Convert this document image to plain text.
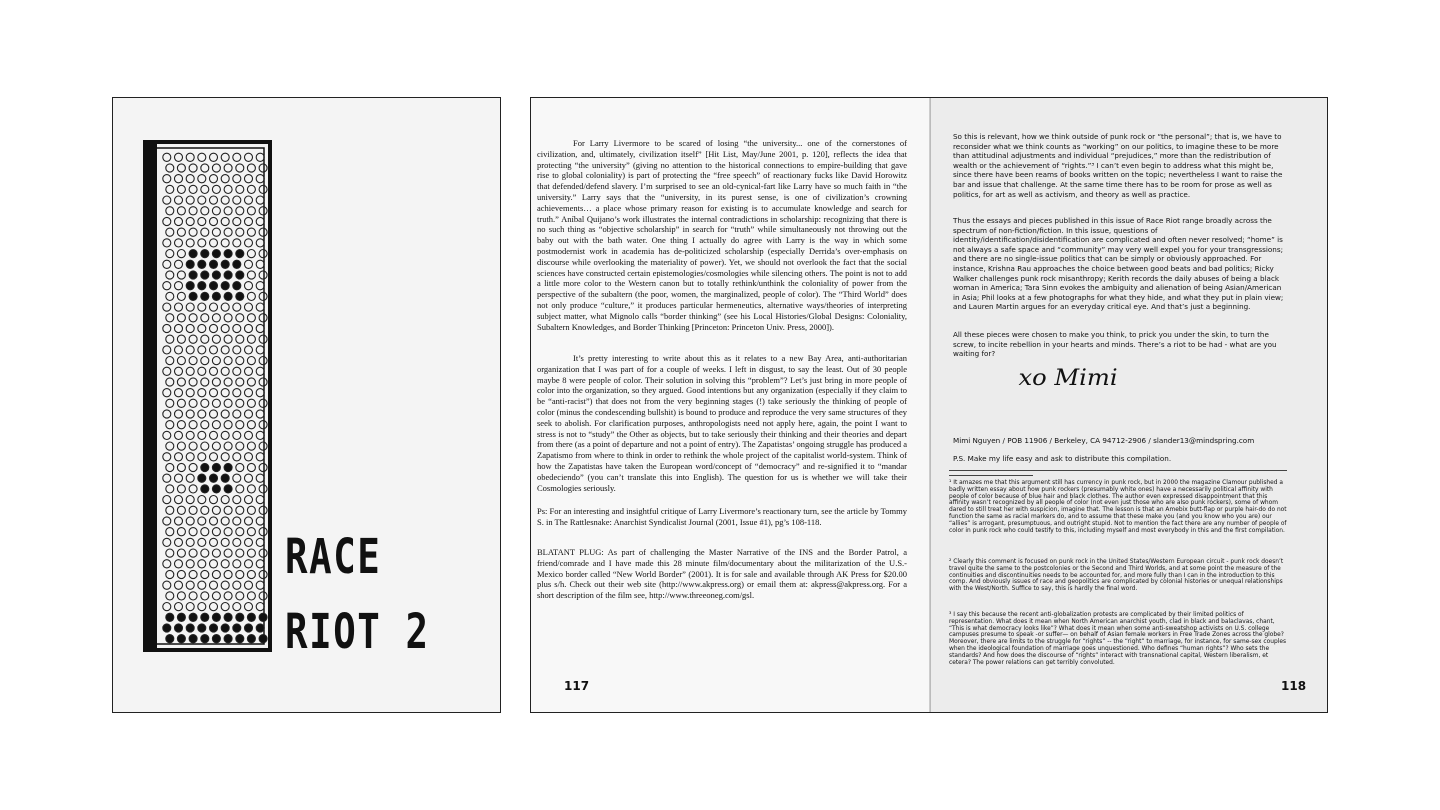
RACE
RIOT 2

For Larry Livermore to be scared of losing “the university... one of the cornerstones of civilization, and, ultimately, civilization itself” [Hit List, May/June 2001, p. 120], reflects the idea that protecting “the university” (giving no attention to the historical connections to empire-building that gave rise to global coloniality) is part of protecting the “free speech” of reactionary fucks like David Horowitz that defended/defend slavery. I’m surprised to see an old-cynical-fart like Larry have so much faith in “the university.” Larry says that the “university, in its purest sense, is one of civilization’s crowning achievements… a place whose primary reason for existing is to accumulate knowledge and search for truth.” Aníbal Quijano’s work illustrates the internal contradictions in scholarship: recognizing that there is no such thing as “objective scholarship” in search for “truth” while simultaneously not throwing out the baby out with the bath water. One thing I actually do agree with Larry is the way in which some postmodernist work in academia has de-politicized scholarship (especially Derrida’s over-emphasis on discourse while overlooking the materiality of power). Yet, we should not overlook the fact that the social sciences have constructed certain epistemologies/cosmologies while silencing others. The point is not to add a little more color to the Western canon but to totally rethink/unthink the coloniality of power from the perspective of the subaltern (the poor, women, the marginalized, people of color). The “Third World” does not only produce “culture,” it produces particular hermeneutics, alternative ways/theories of interpreting subject matter, what Mignolo calls “border thinking” (see his Local Histories/Global Designs: Coloniality, Subaltern Knowledges, and Border Thinking [Princeton: Princeton Univ. Press, 2000]).

It’s pretty interesting to write about this as it relates to a new Bay Area, anti-authoritarian organization that I was part of for a couple of weeks. I left in disgust, to say the least. Out of 30 people maybe 8 were people of color. Their solution in solving this “problem”? Let’s just bring in more people of color into the organization, so they argued. Good intentions but any organization (especially if they claim to be “anti-racist”) that does not from the very beginning stages (!) take seriously the thinking of people of color (minus the condescending bullshit) is bound to produce and reproduce the very same structures of they seek to abolish. For clarification purposes, anthropologists need not apply here, again, the point I want to stress is not to “study” the Other as objects, but to take seriously their thinking and their theories and depart from there (as a point of departure and not a point of entry). The Zapatistas’ ongoing struggle has produced a Zapatismo from where to think in order to rethink the whole project of the capitalist world-system. Think of how the Zapatistas have taken the European word/concept of “democracy” and re-signified it to “mandar obedeciendo” (you can’t translate this into English). The question for us is whether we will take their Cosmologies seriously.

Ps: For an interesting and insightful critique of Larry Livermore’s reactionary turn, see the article by Tommy S. in The Rattlesnake: Anarchist Syndicalist Journal (2001, Issue #1), pg’s 108-118.

BLATANT PLUG: As part of challenging the Master Narrative of the INS and the Border Patrol, a friend/comrade and I have made this 28 minute film/documentary about the militarization of the U.S.-Mexico border called “New World Border” (2001). It is for sale and available through AK Press for $20.00 plus s/h. Check out their web site (http://www.akpress.org) or email them at: akpress@akpress.org. For a short description of the film see, http://www.threeoneg.com/gsl.

117

So this is relevant, how we think outside of punk rock or “the personal”; that is, we have to reconsider what we think counts as “working” on our politics, to imagine these to be more than attitudinal adjustments and individual “prejudices,” more than the redistribution of wealth or the achievement of “rights.”³ I can’t even begin to address what this might be, since there have been reams of books written on the topic; nevertheless I want to raise the bar and issue that challenge. At the same time there has to be room for prose as well as politics, for art as well as activism, and theory as well as practice.

Thus the essays and pieces published in this issue of Race Riot range broadly across the spectrum of non-fiction/fiction. In this issue, questions of identity/identification/disidentification are complicated and often never resolved; “home” is not always a safe space and “community” may very well expel you for your transgressions; and there are no single-issue politics that can be simply or obviously approached. For instance, Krishna Rau approaches the choice between good beats and bad politics; Ricky Walker challenges punk rock misanthropy; Kerith records the daily abuses of being a black woman in America; Tara Sinn evokes the ambiguity and alienation of being Asian/American in Asia; Phil looks at a few photographs for what they hide, and what they put in plain view; and Lauren Martin argues for an everyday critical eye. And that’s just a beginning.

All these pieces were chosen to make you think, to prick you under the skin, to turn the screw, to incite rebellion in your hearts and minds. There’s a riot to be had - what are you waiting for?

xo Mimi
Mimi Nguyen / POB 11906 / Berkeley, CA 94712-2906 / slander13@mindspring.com
P.S. Make my life easy and ask to distribute this compilation.

¹ It amazes me that this argument still has currency in punk rock, but in 2000 the magazine Clamour published a badly written essay about how punk rockers (presumably white ones) have a necessarily political affinity with people of color because of blue hair and black clothes. The author even expressed disappointment that this affinity wasn’t recognized by all people of color (not even just those who are also punk rockers), some of whom dared to still treat her with suspicion, imagine that. The lesson is that an Amebix butt-flap or purple hair-do do not function the same as racial markers do, and to assume that these make you (and you know who you are) our “allies” is arrogant, presumptuous, and outright stupid. Not to mention the fact there are any number of people of color in punk rock who could testify to this, including myself and most everybody in this and the first compilation.

² Clearly this comment is focused on punk rock in the United States/Western European circuit - punk rock doesn’t travel quite the same to the postcolonies or the Second and Third Worlds, and at some point the measure of the continuities and discontinuities needs to be accounted for, and more fully than I can in the introduction to this comp. And obviously issues of race and geopolitics are complicated by colonial histories or unequal relationships with the West/North. Suffice to say, this is hardly the final word.

³ I say this because the recent anti-globalization protests are complicated by their limited politics of representation. What does it mean when North American anarchist youth, clad in black and balaclavas, chant, “This is what democracy looks like”? What does it mean when some anti-sweatshop activists on U.S. college campuses presume to speak -or suffer— on behalf of Asian female workers in Free Trade Zones across the globe? Moreover, there are limits to the struggle for “rights” -- the “right” to marriage, for instance, for same-sex couples when the ideological foundation of marriage goes unquestioned. Who defines “human rights”? Who sets the standards? And how does the discourse of “rights” interact with transnational capital, Western liberalism, et cetera? The power relations can get terribly convoluted.

118
